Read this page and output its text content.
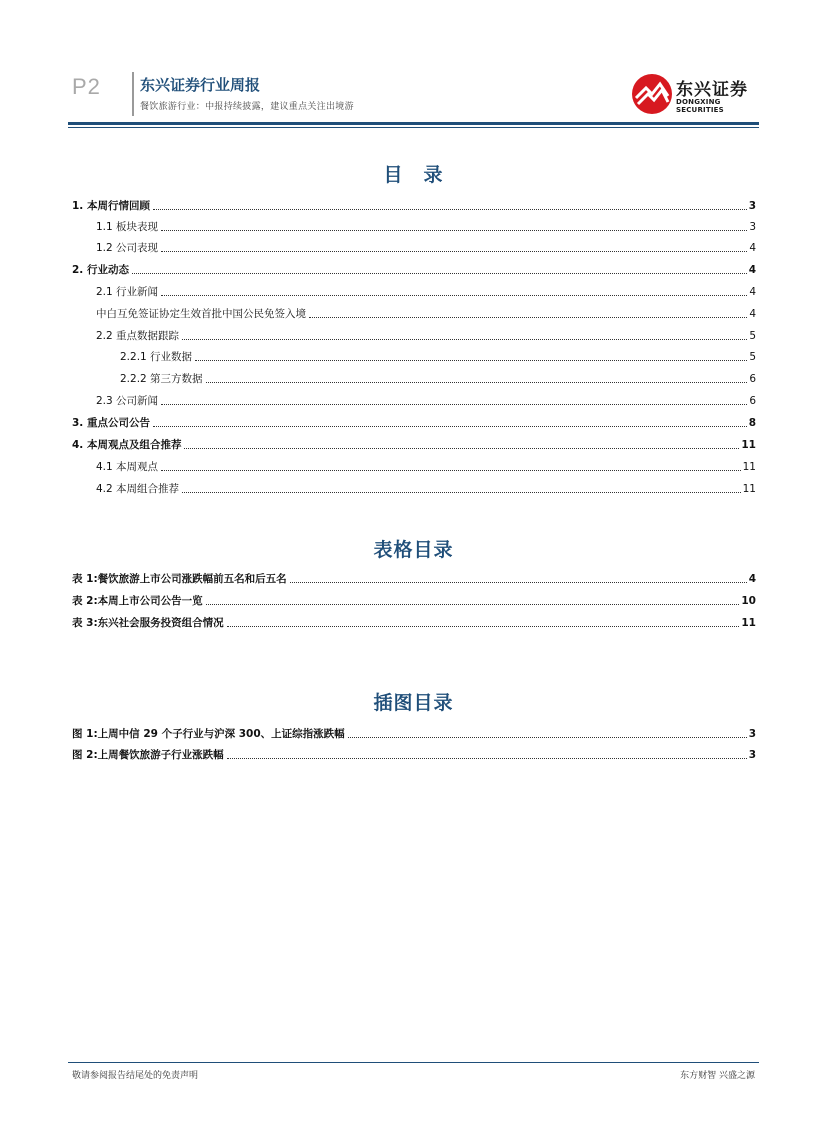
P2	东兴证券行业周报
餐饮旅游行业：中报持续披露，建议重点关注出境游
东兴证券
DONGXING SECURITIES
目　录
1. 本周行情回顾	3
1.1 板块表现	3
1.2 公司表现	4
2. 行业动态	4
2.1 行业新闻	4
中白互免签证协定生效首批中国公民免签入境	4
2.2 重点数据跟踪	5
2.2.1 行业数据	5
2.2.2 第三方数据	6
2.3 公司新闻	6
3. 重点公司公告	8
4. 本周观点及组合推荐	11
4.1 本周观点	11
4.2 本周组合推荐	11
表格目录
表 1:餐饮旅游上市公司涨跌幅前五名和后五名	4
表 2:本周上市公司公告一览	10
表 3:东兴社会服务投资组合情况	11
插图目录
图 1:上周中信 29 个子行业与沪深 300、上证综指涨跌幅	3
图 2:上周餐饮旅游子行业涨跌幅	3
敬请参阅报告结尾处的免责声明	东方财智 兴盛之源
